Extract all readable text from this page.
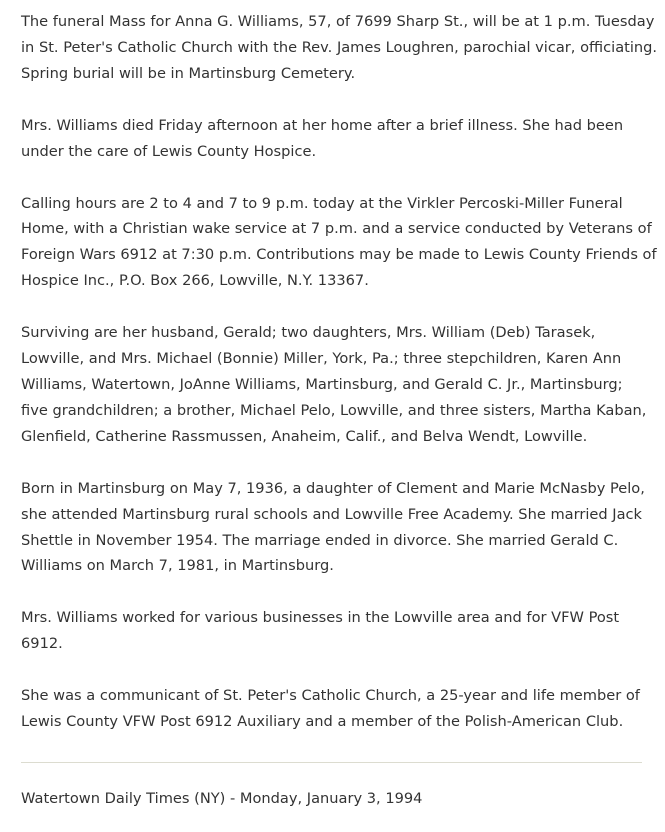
The funeral Mass for Anna G. Williams, 57, of 7699 Sharp St., will be at 1 p.m. Tuesday
in St. Peter's Catholic Church with the Rev. James Loughren, parochial vicar, officiating.
Spring burial will be in Martinsburg Cemetery.

Mrs. Williams died Friday afternoon at her home after a brief illness. She had been
under the care of Lewis County Hospice.

Calling hours are 2 to 4 and 7 to 9 p.m. today at the Virkler Percoski-Miller Funeral
Home, with a Christian wake service at 7 p.m. and a service conducted by Veterans of
Foreign Wars 6912 at 7:30 p.m. Contributions may be made to Lewis County Friends of
Hospice Inc., P.O. Box 266, Lowville, N.Y. 13367.

Surviving are her husband, Gerald; two daughters, Mrs. William (Deb) Tarasek,
Lowville, and Mrs. Michael (Bonnie) Miller, York, Pa.; three stepchildren, Karen Ann
Williams, Watertown, JoAnne Williams, Martinsburg, and Gerald C. Jr., Martinsburg;
five grandchildren; a brother, Michael Pelo, Lowville, and three sisters, Martha Kaban,
Glenfield, Catherine Rassmussen, Anaheim, Calif., and Belva Wendt, Lowville.

Born in Martinsburg on May 7, 1936, a daughter of Clement and Marie McNasby Pelo,
she attended Martinsburg rural schools and Lowville Free Academy. She married Jack
Shettle in November 1954. The marriage ended in divorce. She married Gerald C.
Williams on March 7, 1981, in Martinsburg.

Mrs. Williams worked for various businesses in the Lowville area and for VFW Post
6912.

She was a communicant of St. Peter's Catholic Church, a 25-year and life member of
Lewis County VFW Post 6912 Auxiliary and a member of the Polish-American Club.

Watertown Daily Times (NY) - Monday, January 3, 1994
